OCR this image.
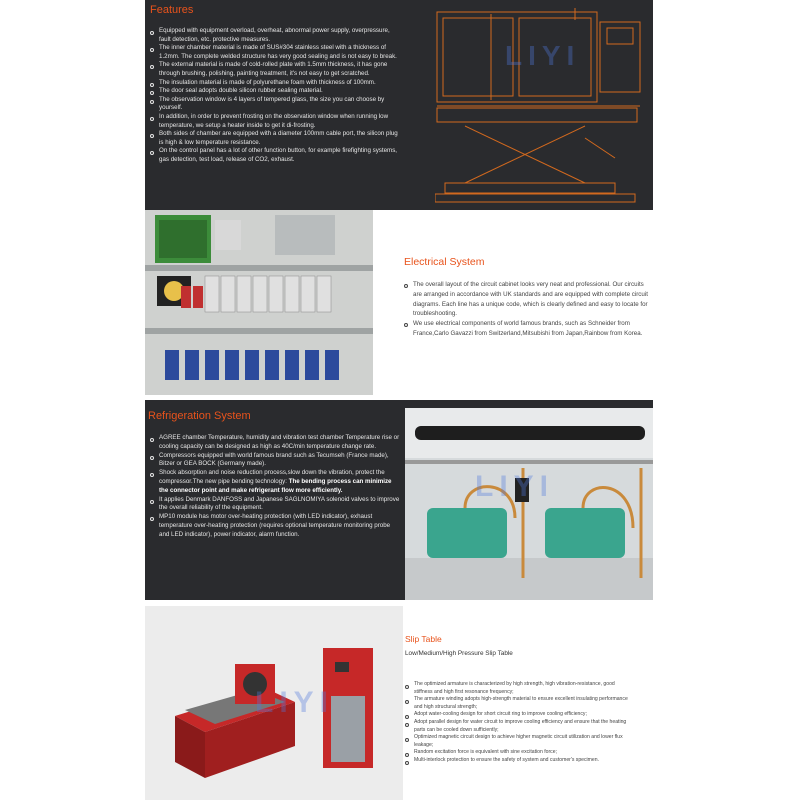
Features
Equipped with equipment overload, overheat, abnormal power supply, overpressure, fault detection, etc. protective measures.
The inner chamber material is made of SUS#304 stainless steel with a thickness of 1.2mm. The complete welded structure has very good sealing and is not easy to break.
The external material is made of cold-rolled plate with 1.5mm thickness, it has gone through brushing, polishing, painting treatment, it's not easy to get scratched.
The insulation material is made of polyurethane foam with thickness of 100mm.
The door seal adopts double silicon rubber sealing material.
The observation window is 4 layers of tempered glass, the size you can choose by yourself.
In addition, in order to prevent frosting on the observation window when running low temperature, we setup a heater inside to get it di-frosting.
Both sides of chamber are equipped with a diameter 100mm cable port, the silicon plug is high & low temperature resistance.
On the control panel has a lot of other function button, for example firefighting systems, gas detection, test load, release of CO2, exhaust.
LIYI
Electrical System
The overall layout of the circuit cabinet looks very neat and professional. Our circuits are arranged in accordance with UK standards and are equipped with complete circuit diagrams. Each line has a unique code, which is clearly defined and easy to locate for troubleshooting.
We use electrical components of world famous brands, such as Schneider from France,Carlo Gavazzi from Switzerland,Mitsubishi from Japan,Rainbow from Korea.
Refrigeration System
AGREE chamber Temperature, humidity and vibration test chamber Temperature rise or cooling capacity can be designed as high as 40C/min temperature change rate.
Compressors equipped with world famous brand such as Tecumseh (France made), Bitzer or GEA BOCK (Germany made).
Shock absorption and noise reduction process,slow down the vibration, protect the compressor.The new pipe bending technology: The bending process can minimize the connector point and make refrigerant flow more efficiently.
It applies Denmark DANFOSS and Japanese SAGLNOMIYA solenoid valves to improve the overall reliability of the equipment.
MP10 module has motor over-heating protection (with LED indicator), exhaust temperature over-heating protection (requires optional temperature monitoring probe and LED indicator), power indicator, alarm function.
LIYI
LIYI
Slip Table
Low/Medium/High Pressure Slip Table
The optimized armature is characterized by high strength, high vibration-resistance, good stiffness and high first resonance frequency;
The armature winding adopts high-strength material to ensure excellent insulating performance and high structural strength;
Adopt water-cooling design for short circuit ring to improve cooling efficiency;
Adopt parallel design for water circuit to improve cooling efficiency and ensure that the heating parts can be cooled down sufficiently;
Optimized magnetic circuit design to achieve higher magnetic circuit utilization and lower flux leakage;
Random excitation force is equivalent with sine excitation force;
Multi-interlock protection to ensure the safety of system and customer's specimen.
